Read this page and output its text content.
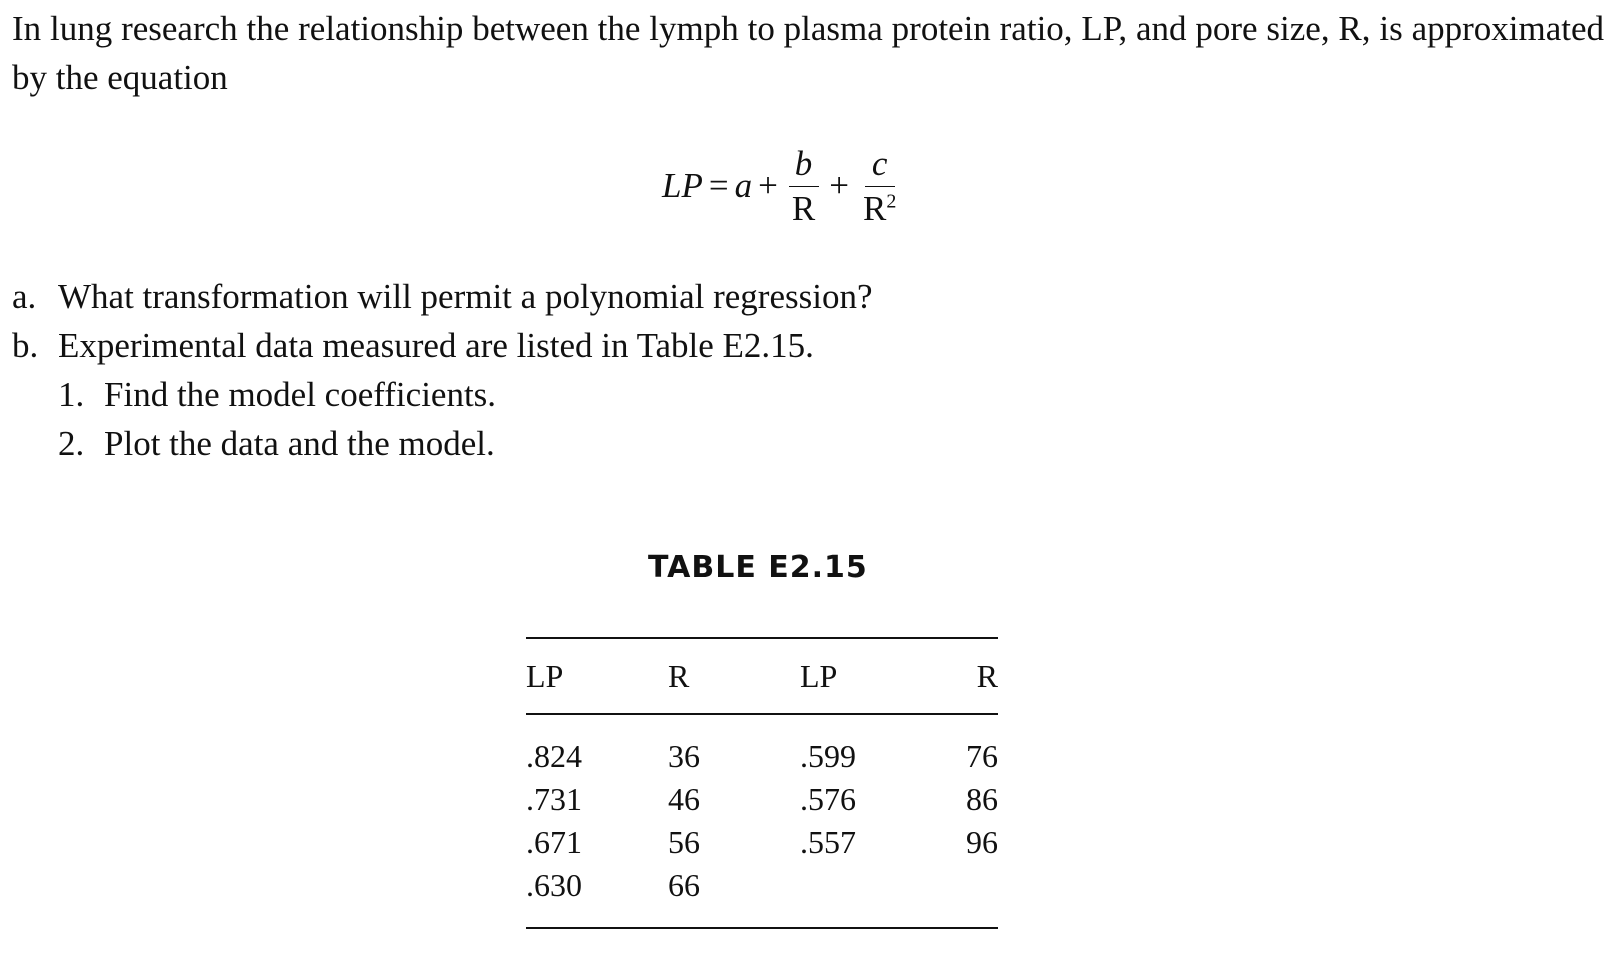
In lung research the relationship between the lymph to plasma protein ratio, LP, and pore size, R, is approximated by the equation
LP = $a + \frac{b}{R} + \frac{c}{R^2}$
a. What transformation will permit a polynomial regression?
b. Experimental data measured are listed in Table E2.15.
1. Find the model coefficients.
2. Plot the data and the model.
TABLE E2.15
LP	R	LP	R
.824	36	.599	76
.731	46	.576	86
.671	56	.557	96
.630	66
